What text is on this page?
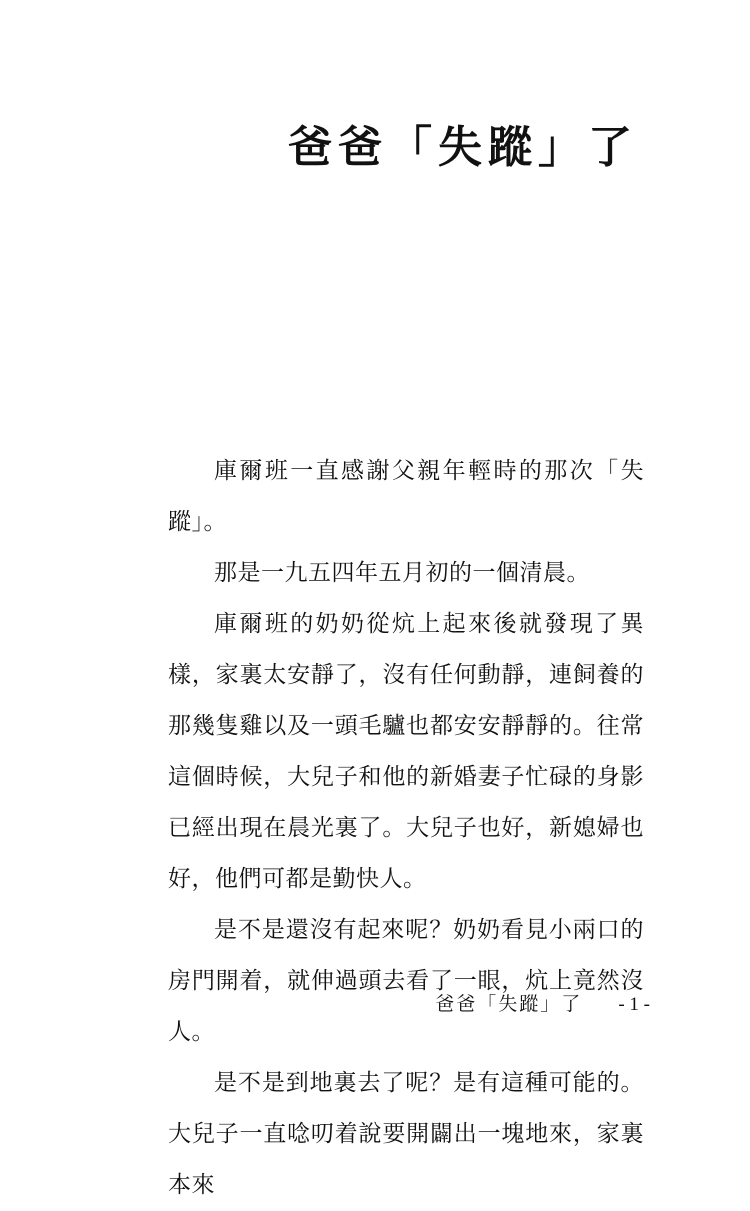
爸爸「失蹤」了

庫爾班一直感謝父親年輕時的那次「失蹤」。

那是一九五四年五月初的一個清晨。

庫爾班的奶奶從炕上起來後就發現了異樣，家裏太安靜了，沒有任何動靜，連飼養的那幾隻雞以及一頭毛驢也都安安靜靜的。往常這個時候，大兒子和他的新婚妻子忙碌的身影已經出現在晨光裏了。大兒子也好，新媳婦也好，他們可都是勤快人。

是不是還沒有起來呢？奶奶看見小兩口的房門開着，就伸過頭去看了一眼，炕上竟然沒人。

是不是到地裏去了呢？是有這種可能的。大兒子一直唸叨着說要開闢出一塊地來，家裏本來

爸爸「失蹤」了 - 1 -
